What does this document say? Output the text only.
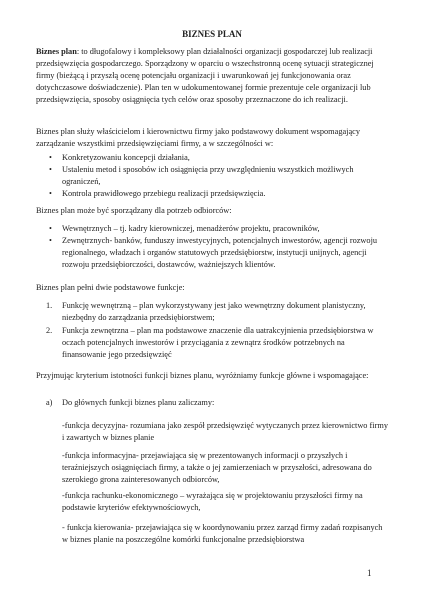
BIZNES PLAN
Biznes plan: to długofalowy i kompleksowy plan działalności organizacji gospodarczej lub realizacji przedsięwzięcia gospodarczego. Sporządzony w oparciu o wszechstronną ocenę sytuacji strategicznej firmy (bieżącą i przyszłą ocenę potencjału organizacji i uwarunkowań jej funkcjonowania oraz dotychczasowe doświadczenie). Plan ten w udokumentowanej formie prezentuje cele organizacji lub przedsięwzięcia, sposoby osiągnięcia tych celów oraz sposoby przeznaczone do ich realizacji.
Biznes plan służy właścicielom i kierownictwu firmy jako podstawowy dokument wspomagający zarządzanie wszystkimi przedsięwzięciami firmy, a w szczególności w:
• Konkretyzowaniu koncepcji działania,
• Ustaleniu metod i sposobów ich osiągnięcia przy uwzględnieniu wszystkich możliwych ograniczeń,
• Kontrola prawidłowego przebiegu realizacji przedsięwzięcia.
Biznes plan może być sporządzany dla potrzeb odbiorców:
• Wewnętrznych – tj. kadry kierowniczej, menadżerów projektu, pracowników,
• Zewnętrznych- banków, funduszy inwestycyjnych, potencjalnych inwestorów, agencji rozwoju regionalnego, władzach i organów statutowych przedsiębiorstw, instytucji unijnych, agencji rozwoju przedsiębiorczości, dostawców, ważniejszych klientów.
Biznes plan pełni dwie podstawowe funkcje:
1. Funkcję wewnętrzną – plan wykorzystywany jest jako wewnętrzny dokument planistyczny, niezbędny do zarządzania przedsiębiorstwem;
2. Funkcja zewnętrzna – plan ma podstawowe znaczenie dla uatrakcyjnienia przedsiębiorstwa w oczach potencjalnych inwestorów i przyciągania z zewnątrz środków potrzebnych na finansowanie jego przedsięwzięć
Przyjmując kryterium istotności funkcji biznes planu, wyróżniamy funkcje główne i wspomagające:
a) Do głównych funkcji biznes planu zaliczamy:
-funkcja decyzyjna- rozumiana jako zespół przedsięwzięć wytyczanych przez kierownictwo firmy i zawartych w biznes planie
-funkcja informacyjna- przejawiająca się w prezentowanych informacji o przyszłych i teraźniejszych osiągnięciach firmy, a także o jej zamierzeniach w przyszłości, adresowana do szerokiego grona zainteresowanych odbiorców,
-funkcja rachunku-ekonomicznego – wyrażająca się w projektowaniu przyszłości firmy na podstawie kryteriów efektywnościowych,
- funkcja kierowania- przejawiająca się w koordynowaniu przez zarząd firmy zadań rozpisanych w biznes planie na poszczególne komórki funkcjonalne przedsiębiorstwa
1
